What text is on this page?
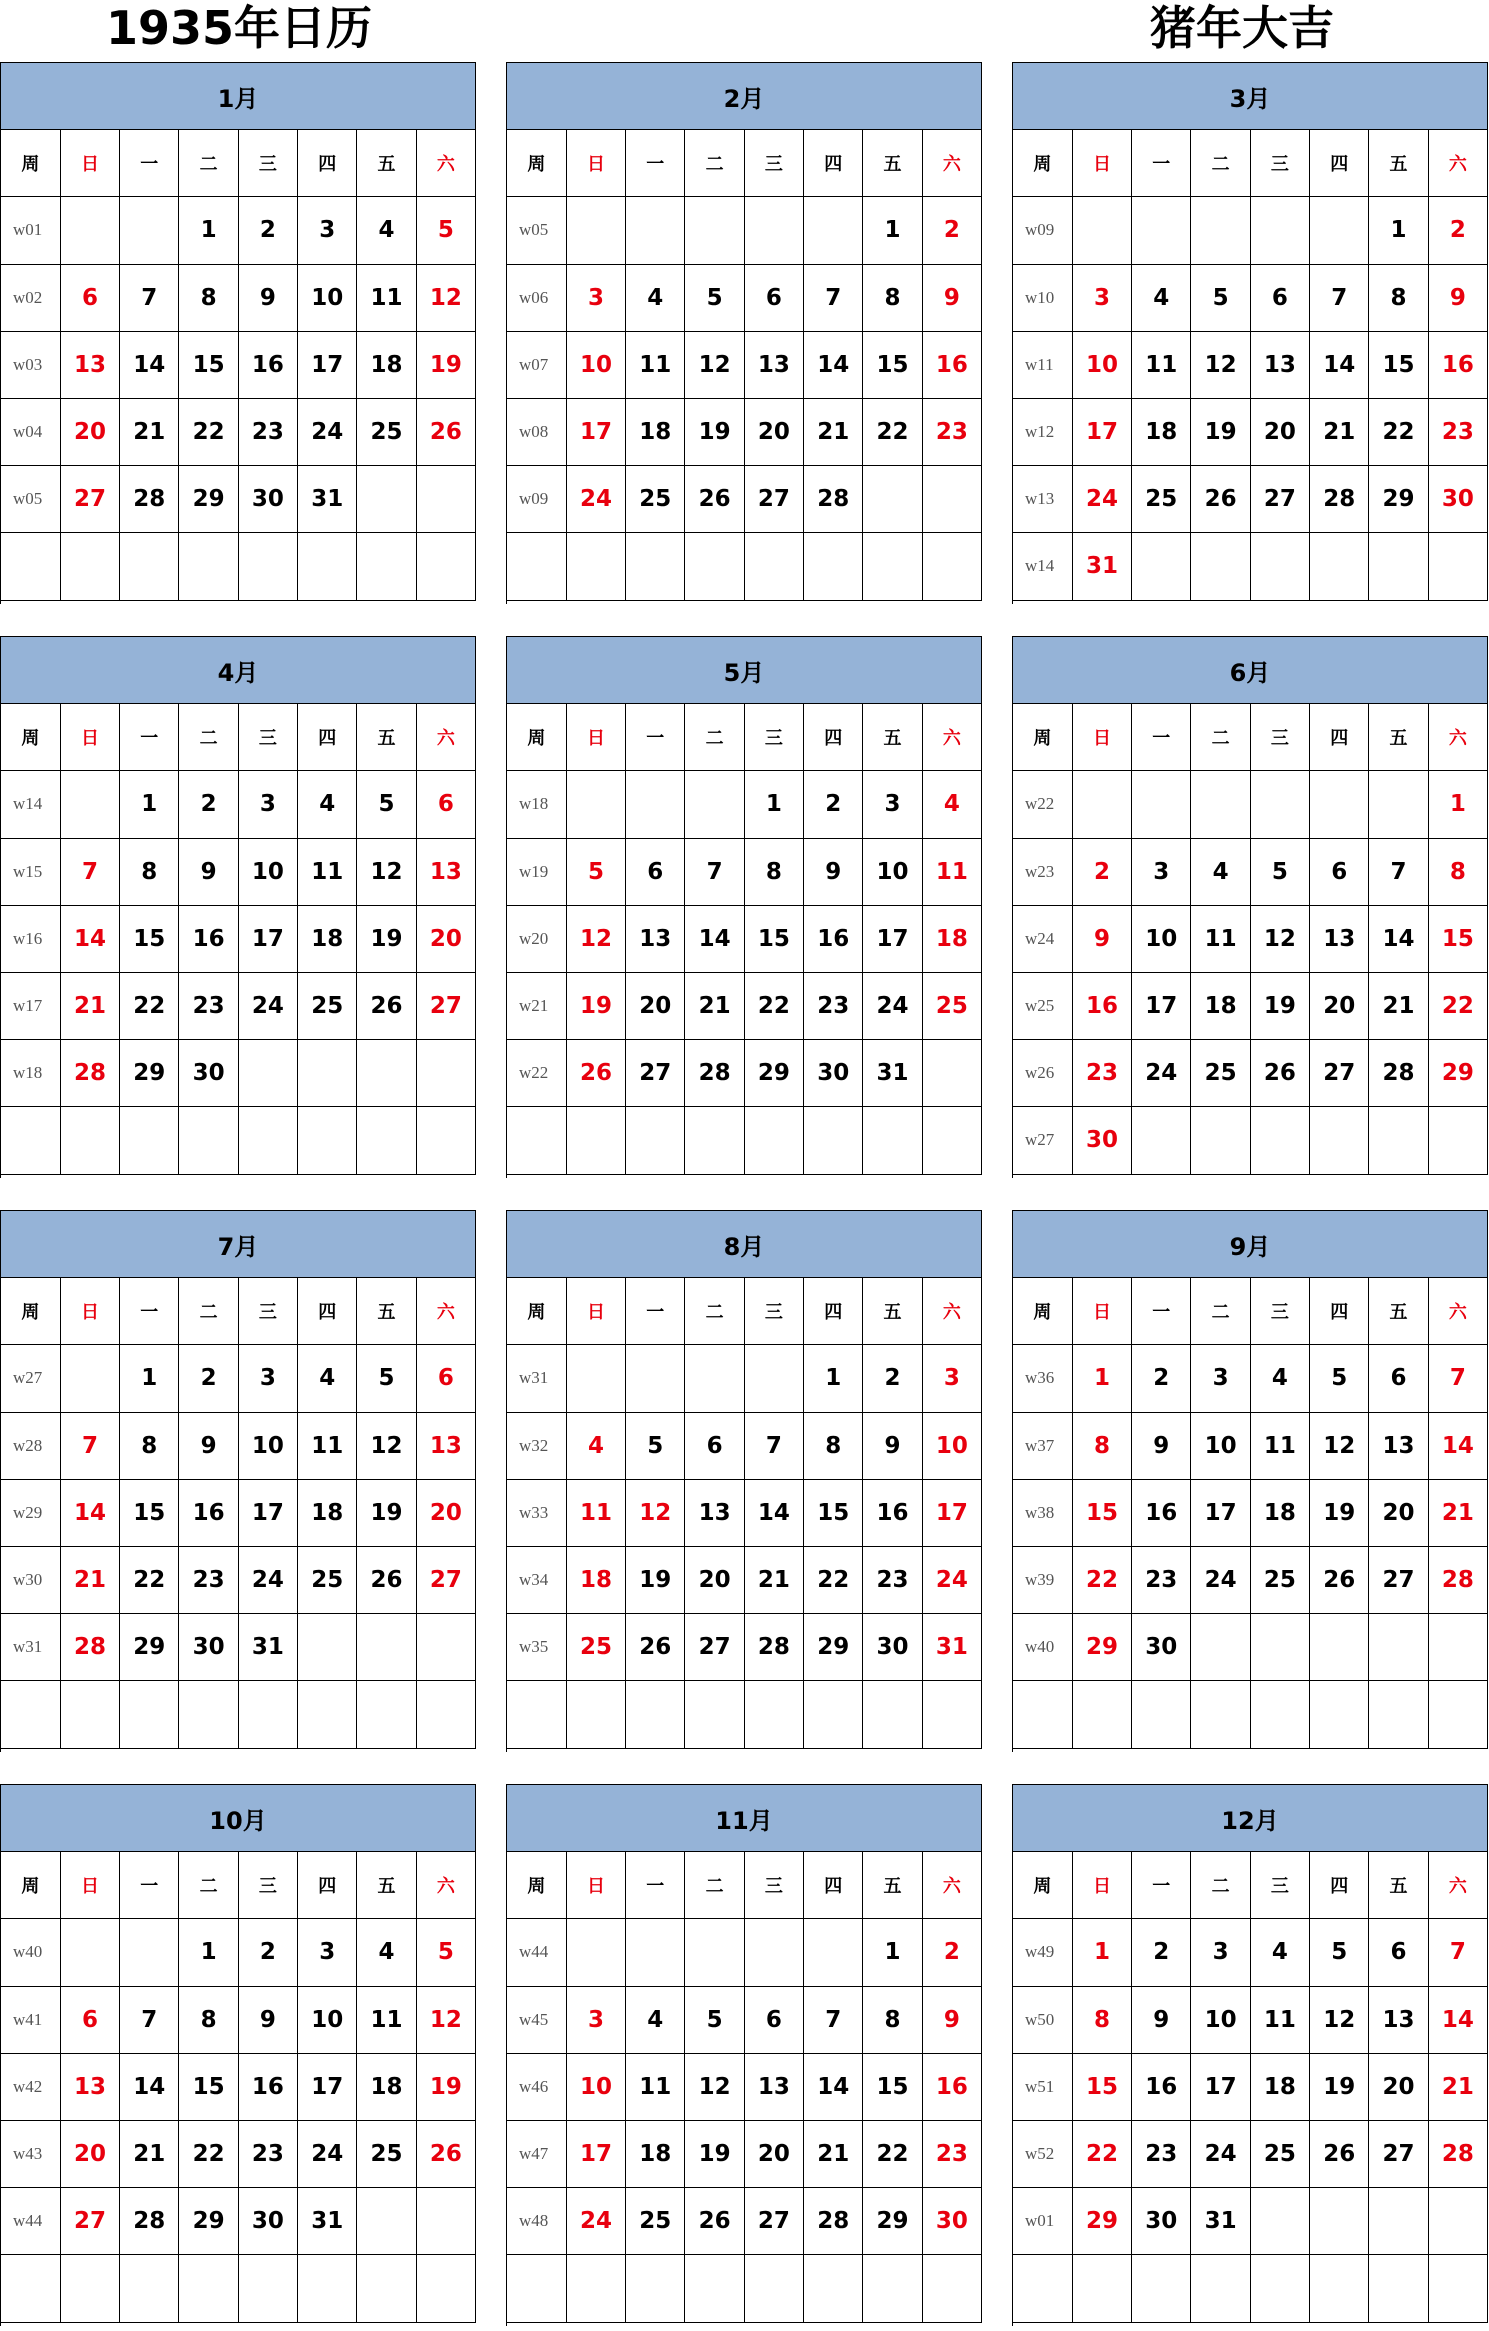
1935年日历	猪年大吉
1月							
周	日	一	二	三	四	五	六
w01			1	2	3	4	5
w02	6	7	8	9	10	11	12
w03	13	14	15	16	17	18	19
w04	20	21	22	23	24	25	26
w05	27	28	29	30	31		

2月							
周	日	一	二	三	四	五	六
w05						1	2
w06	3	4	5	6	7	8	9
w07	10	11	12	13	14	15	16
w08	17	18	19	20	21	22	23
w09	24	25	26	27	28		

3月							
周	日	一	二	三	四	五	六
w09						1	2
w10	3	4	5	6	7	8	9
w11	10	11	12	13	14	15	16
w12	17	18	19	20	21	22	23
w13	24	25	26	27	28	29	30
w14	31						
4月							
周	日	一	二	三	四	五	六
w14		1	2	3	4	5	6
w15	7	8	9	10	11	12	13
w16	14	15	16	17	18	19	20
w17	21	22	23	24	25	26	27
w18	28	29	30				

5月							
周	日	一	二	三	四	五	六
w18				1	2	3	4
w19	5	6	7	8	9	10	11
w20	12	13	14	15	16	17	18
w21	19	20	21	22	23	24	25
w22	26	27	28	29	30	31	

6月							
周	日	一	二	三	四	五	六
w22							1
w23	2	3	4	5	6	7	8
w24	9	10	11	12	13	14	15
w25	16	17	18	19	20	21	22
w26	23	24	25	26	27	28	29
w27	30						
7月							
周	日	一	二	三	四	五	六
w27		1	2	3	4	5	6
w28	7	8	9	10	11	12	13
w29	14	15	16	17	18	19	20
w30	21	22	23	24	25	26	27
w31	28	29	30	31			

8月							
周	日	一	二	三	四	五	六
w31					1	2	3
w32	4	5	6	7	8	9	10
w33	11	12	13	14	15	16	17
w34	18	19	20	21	22	23	24
w35	25	26	27	28	29	30	31

9月							
周	日	一	二	三	四	五	六
w36	1	2	3	4	5	6	7
w37	8	9	10	11	12	13	14
w38	15	16	17	18	19	20	21
w39	22	23	24	25	26	27	28
w40	29	30					

10月							
周	日	一	二	三	四	五	六
w40			1	2	3	4	5
w41	6	7	8	9	10	11	12
w42	13	14	15	16	17	18	19
w43	20	21	22	23	24	25	26
w44	27	28	29	30	31		

11月							
周	日	一	二	三	四	五	六
w44						1	2
w45	3	4	5	6	7	8	9
w46	10	11	12	13	14	15	16
w47	17	18	19	20	21	22	23
w48	24	25	26	27	28	29	30

12月							
周	日	一	二	三	四	五	六
w49	1	2	3	4	5	6	7
w50	8	9	10	11	12	13	14
w51	15	16	17	18	19	20	21
w52	22	23	24	25	26	27	28
w01	29	30	31				
